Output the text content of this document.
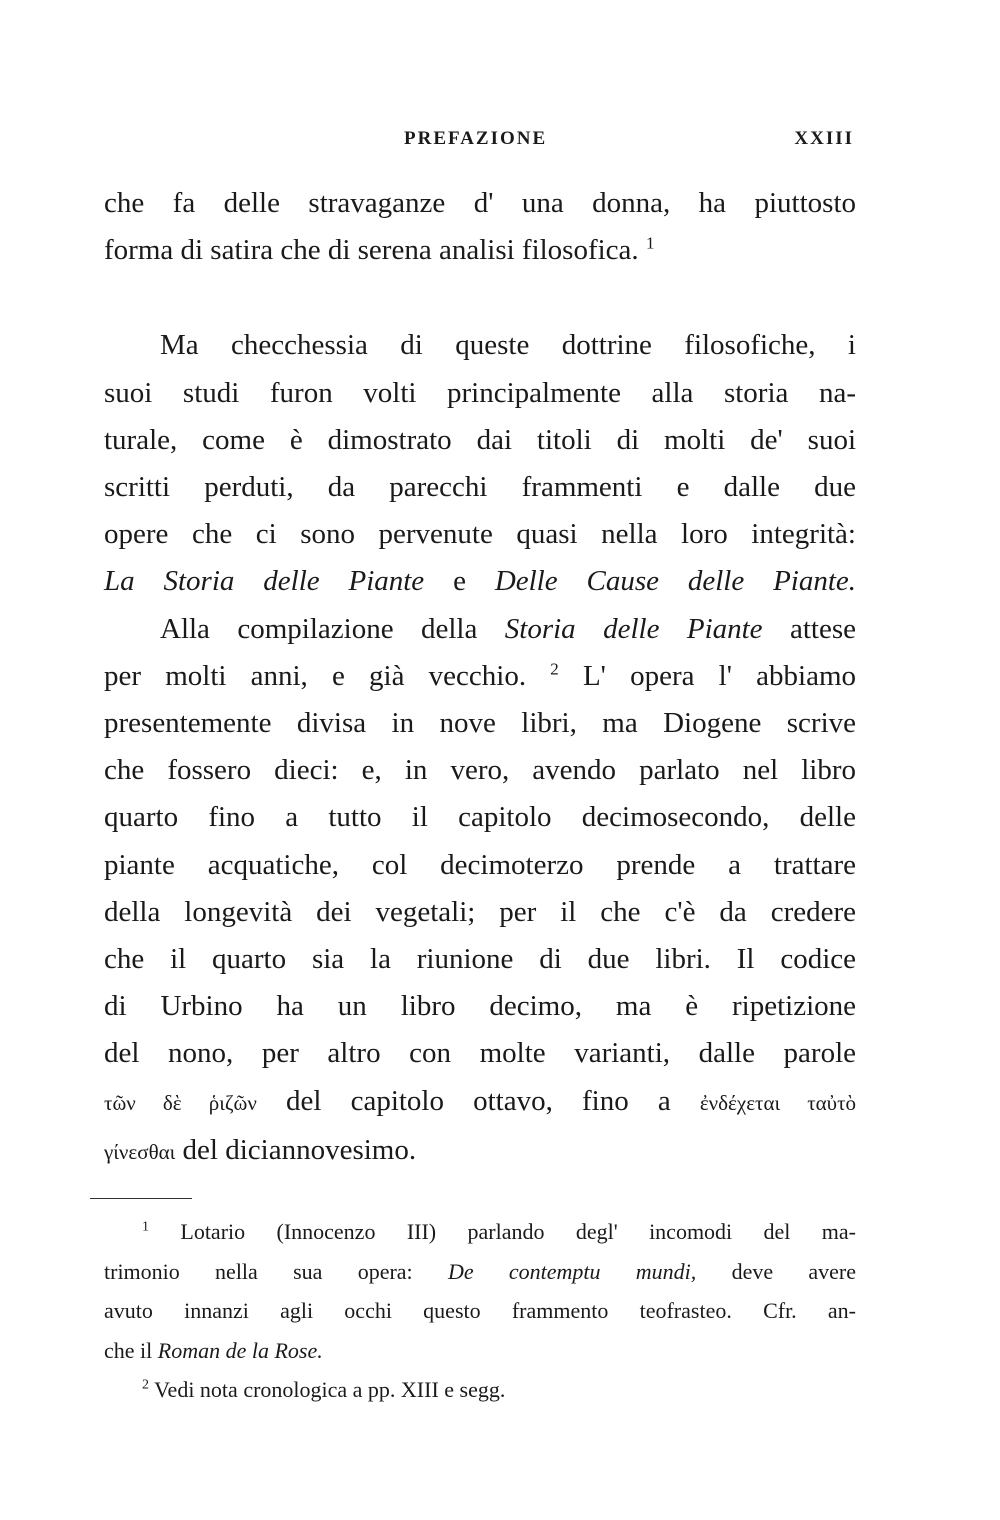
PREFAZIONE	XXIII
che fa delle stravaganze d' una donna, ha piuttosto
forma di satira che di serena analisi filosofica. $^1$
Ma checchessia di queste dottrine filosofiche, i
suoi studi furon volti principalmente alla storia na-
turale, come è dimostrato dai titoli di molti de' suoi
scritti perduti, da parecchi frammenti e dalle due
opere che ci sono pervenute quasi nella loro integrità:
La Storia delle Piante e Delle Cause delle Piante.
Alla compilazione della Storia delle Piante attese
per molti anni, e già vecchio. $^2$ L' opera l' abbiamo
presentemente divisa in nove libri, ma Diogene scrive
che fossero dieci: e, in vero, avendo parlato nel libro
quarto fino a tutto il capitolo decimosecondo, delle
piante acquatiche, col decimoterzo prende a trattare
della longevità dei vegetali; per il che c'è da credere
che il quarto sia la riunione di due libri. Il codice
di Urbino ha un libro decimo, ma è ripetizione
del nono, per altro con molte varianti, dalle parole
τῶν δὲ ῥιζῶν del capitolo ottavo, fino a ἐνδέχεται ταὐτὸ
γίνεσθαι del diciannovesimo.
$^1$ Lotario (Innocenzo III) parlando degl' incomodi del ma-
trimonio nella sua opera: De contemptu mundi, deve avere
avuto innanzi agli occhi questo frammento teofrasteo. Cfr. an-
che il Roman de la Rose.
$^2$ Vedi nota cronologica a pp. XIII e segg.
